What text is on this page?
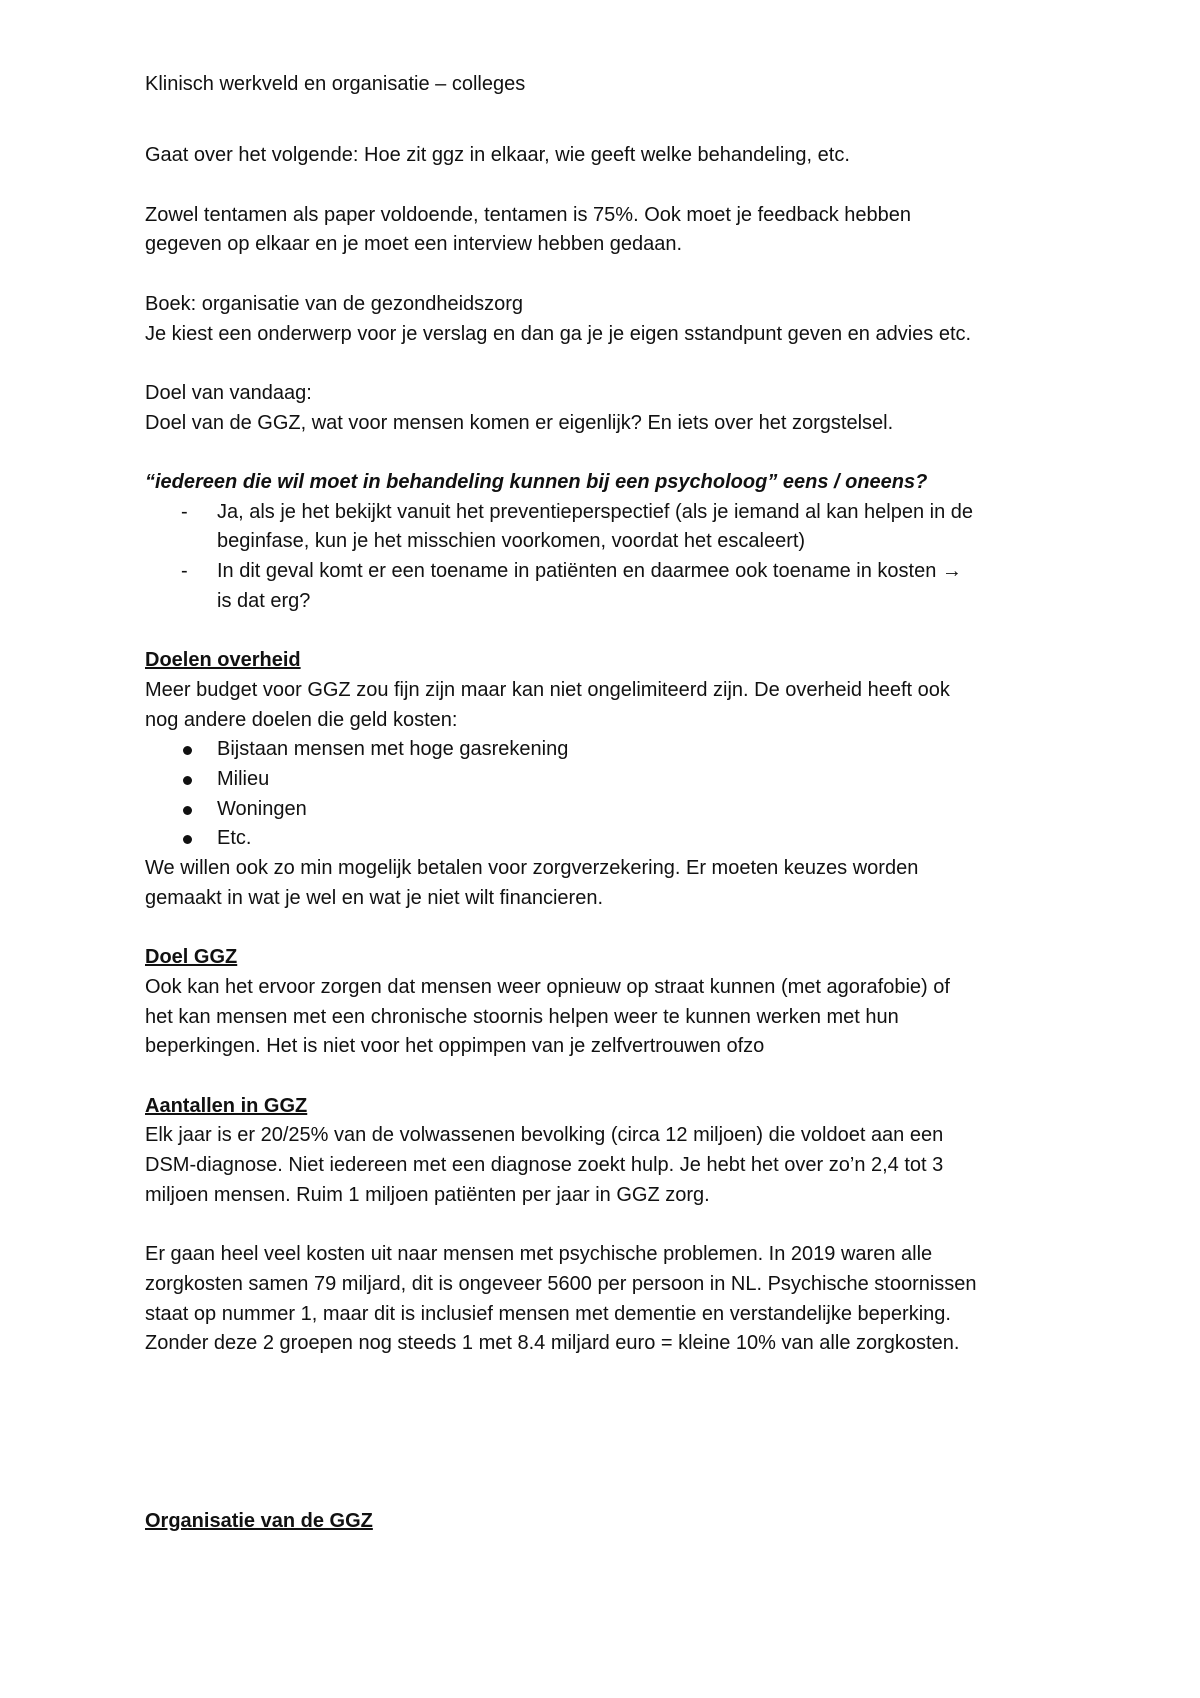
Klinisch werkveld en organisatie – colleges

Gaat over het volgende: Hoe zit ggz in elkaar, wie geeft welke behandeling, etc.

Zowel tentamen als paper voldoende, tentamen is 75%. Ook moet je feedback hebben

gegeven op elkaar en je moet een interview hebben gedaan.

Boek: organisatie van de gezondheidszorg

Je kiest een onderwerp voor je verslag en dan ga je je eigen sstandpunt geven en advies etc.

Doel van vandaag:

Doel van de GGZ, wat voor mensen komen er eigenlijk? En iets over het zorgstelsel.

“iedereen die wil moet in behandeling kunnen bij een psycholoog” eens / oneens?

- Ja, als je het bekijkt vanuit het preventieperspectief (als je iemand al kan helpen in de

beginfase, kun je het misschien voorkomen, voordat het escaleert)

- In dit geval komt er een toename in patiënten en daarmee ook toename in kosten →

is dat erg?

Doelen overheid

Meer budget voor GGZ zou fijn zijn maar kan niet ongelimiteerd zijn. De overheid heeft ook

nog andere doelen die geld kosten:

Bijstaan mensen met hoge gasrekening

Milieu

Woningen

Etc.

We willen ook zo min mogelijk betalen voor zorgverzekering. Er moeten keuzes worden

gemaakt in wat je wel en wat je niet wilt financieren.

Doel GGZ

Ook kan het ervoor zorgen dat mensen weer opnieuw op straat kunnen (met agorafobie) of

het kan mensen met een chronische stoornis helpen weer te kunnen werken met hun

beperkingen. Het is niet voor het oppimpen van je zelfvertrouwen ofzo

Aantallen in GGZ

Elk jaar is er 20/25% van de volwassenen bevolking (circa 12 miljoen) die voldoet aan een

DSM-diagnose. Niet iedereen met een diagnose zoekt hulp. Je hebt het over zo’n 2,4 tot 3

miljoen mensen. Ruim 1 miljoen patiënten per jaar in GGZ zorg.

Er gaan heel veel kosten uit naar mensen met psychische problemen. In 2019 waren alle

zorgkosten samen 79 miljard, dit is ongeveer 5600 per persoon in NL. Psychische stoornissen

staat op nummer 1, maar dit is inclusief mensen met dementie en verstandelijke beperking.

Zonder deze 2 groepen nog steeds 1 met 8.4 miljard euro = kleine 10% van alle zorgkosten.

Organisatie van de GGZ
